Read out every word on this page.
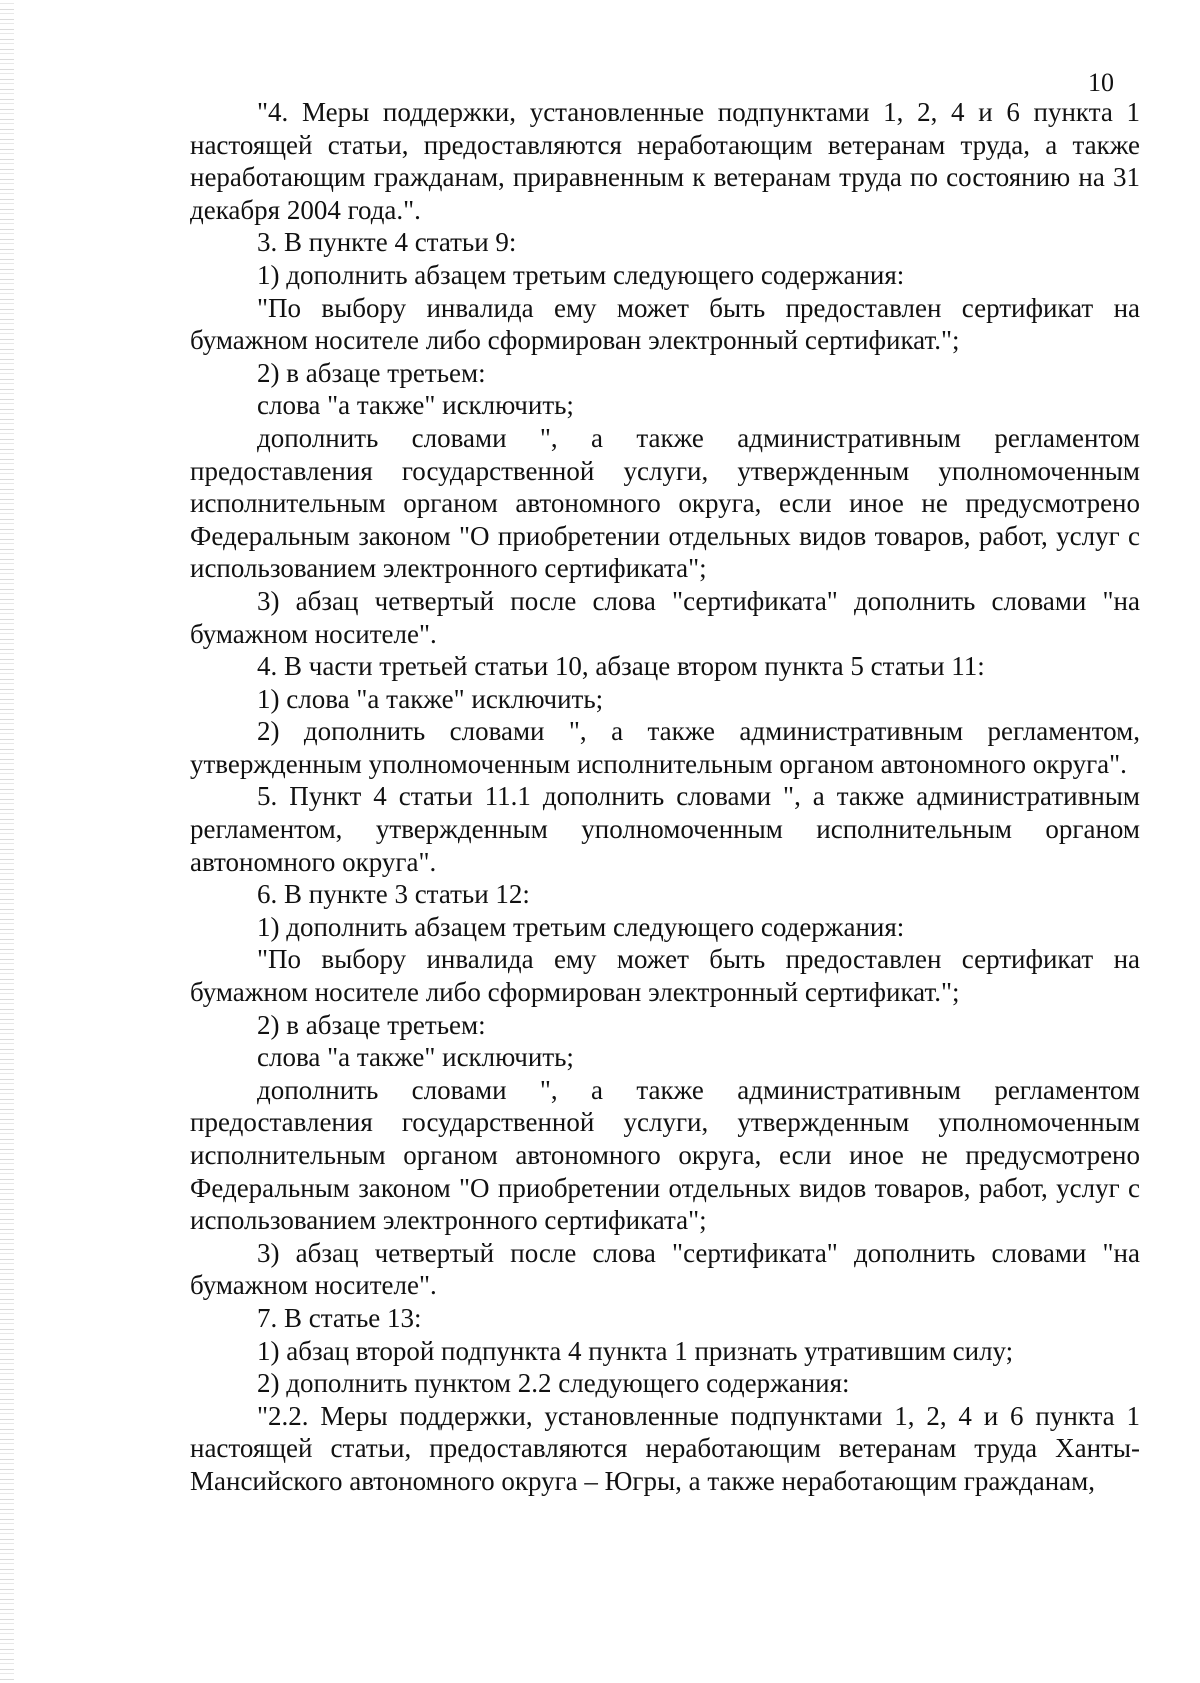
10

"4. Меры поддержки, установленные подпунктами 1, 2, 4 и 6 пункта 1 настоящей статьи, предоставляются неработающим ветеранам труда, а также неработающим гражданам, приравненным к ветеранам труда по состоянию на 31 декабря 2004 года.".

3. В пункте 4 статьи 9:

1) дополнить абзацем третьим следующего содержания:

"По выбору инвалида ему может быть предоставлен сертификат на бумажном носителе либо сформирован электронный сертификат.";

2) в абзаце третьем:

слова "а также" исключить;

дополнить словами ", а также административным регламентом предоставления государственной услуги, утвержденным уполномоченным исполнительным органом автономного округа, если иное не предусмотрено Федеральным законом "О приобретении отдельных видов товаров, работ, услуг с использованием электронного сертификата";

3) абзац четвертый после слова "сертификата" дополнить словами "на бумажном носителе".

4. В части третьей статьи 10, абзаце втором пункта 5 статьи 11:

1) слова "а также" исключить;

2) дополнить словами ", а также административным регламентом, утвержденным уполномоченным исполнительным органом автономного округа".

5. Пункт 4 статьи 11.1 дополнить словами ", а также административным регламентом, утвержденным уполномоченным исполнительным органом автономного округа".

6. В пункте 3 статьи 12:

1) дополнить абзацем третьим следующего содержания:

"По выбору инвалида ему может быть предоставлен сертификат на бумажном носителе либо сформирован электронный сертификат.";

2) в абзаце третьем:

слова "а также" исключить;

дополнить словами ", а также административным регламентом предоставления государственной услуги, утвержденным уполномоченным исполнительным органом автономного округа, если иное не предусмотрено Федеральным законом "О приобретении отдельных видов товаров, работ, услуг с использованием электронного сертификата";

3) абзац четвертый после слова "сертификата" дополнить словами "на бумажном носителе".

7. В статье 13:

1) абзац второй подпункта 4 пункта 1 признать утратившим силу;

2) дополнить пунктом 2.2 следующего содержания:

"2.2. Меры поддержки, установленные подпунктами 1, 2, 4 и 6 пункта 1 настоящей статьи, предоставляются неработающим ветеранам труда Ханты-Мансийского автономного округа – Югры, а также неработающим гражданам,
